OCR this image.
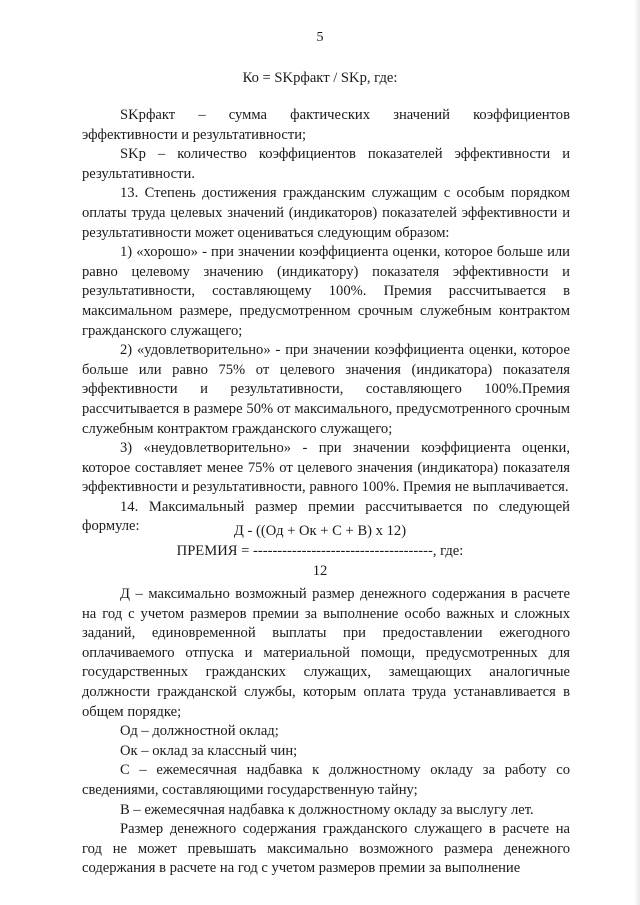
5
Ко = SKрфакт / SKр, где:

SKрфакт – сумма фактических значений коэффициентов эффективности и результативности;

SKр – количество коэффициентов показателей эффективности и результативности.

13. Степень достижения гражданским служащим с особым порядком оплаты труда целевых значений (индикаторов) показателей эффективности и результативности может оцениваться следующим образом:

1) «хорошо» - при значении коэффициента оценки, которое больше или равно целевому значению (индикатору) показателя эффективности и результативности, составляющему 100%. Премия рассчитывается в максимальном размере, предусмотренном срочным служебным контрактом гражданского служащего;

2) «удовлетворительно» - при значении коэффициента оценки, которое больше или равно 75% от целевого значения (индикатора) показателя эффективности и результативности, составляющего 100%.Премия рассчитывается в размере 50% от максимального, предусмотренного срочным служебным контрактом гражданского служащего;

3) «неудовлетворительно» - при значении коэффициента оценки, которое составляет менее 75% от целевого значения (индикатора) показателя эффективности и результативности, равного 100%. Премия не выплачивается.

14. Максимальный размер премии рассчитывается по следующей формуле:	Д - ((Од + Ок + С + В) х 12)
ПРЕМИЯ = -------------------------------------, где:
12

Д – максимально возможный размер денежного содержания в расчете на год с учетом размеров премии за выполнение особо важных и сложных заданий, единовременной выплаты при предоставлении ежегодного оплачиваемого отпуска и материальной помощи, предусмотренных для государственных гражданских служащих, замещающих аналогичные должности гражданской службы, которым оплата труда устанавливается в общем порядке;

Од – должностной оклад;

Ок – оклад за классный чин;

С – ежемесячная надбавка к должностному окладу за работу со сведениями, составляющими государственную тайну;

В – ежемесячная надбавка к должностному окладу за выслугу лет.

Размер денежного содержания гражданского служащего в расчете на год не может превышать максимально возможного размера денежного содержания в расчете на год с учетом размеров премии за выполнение
